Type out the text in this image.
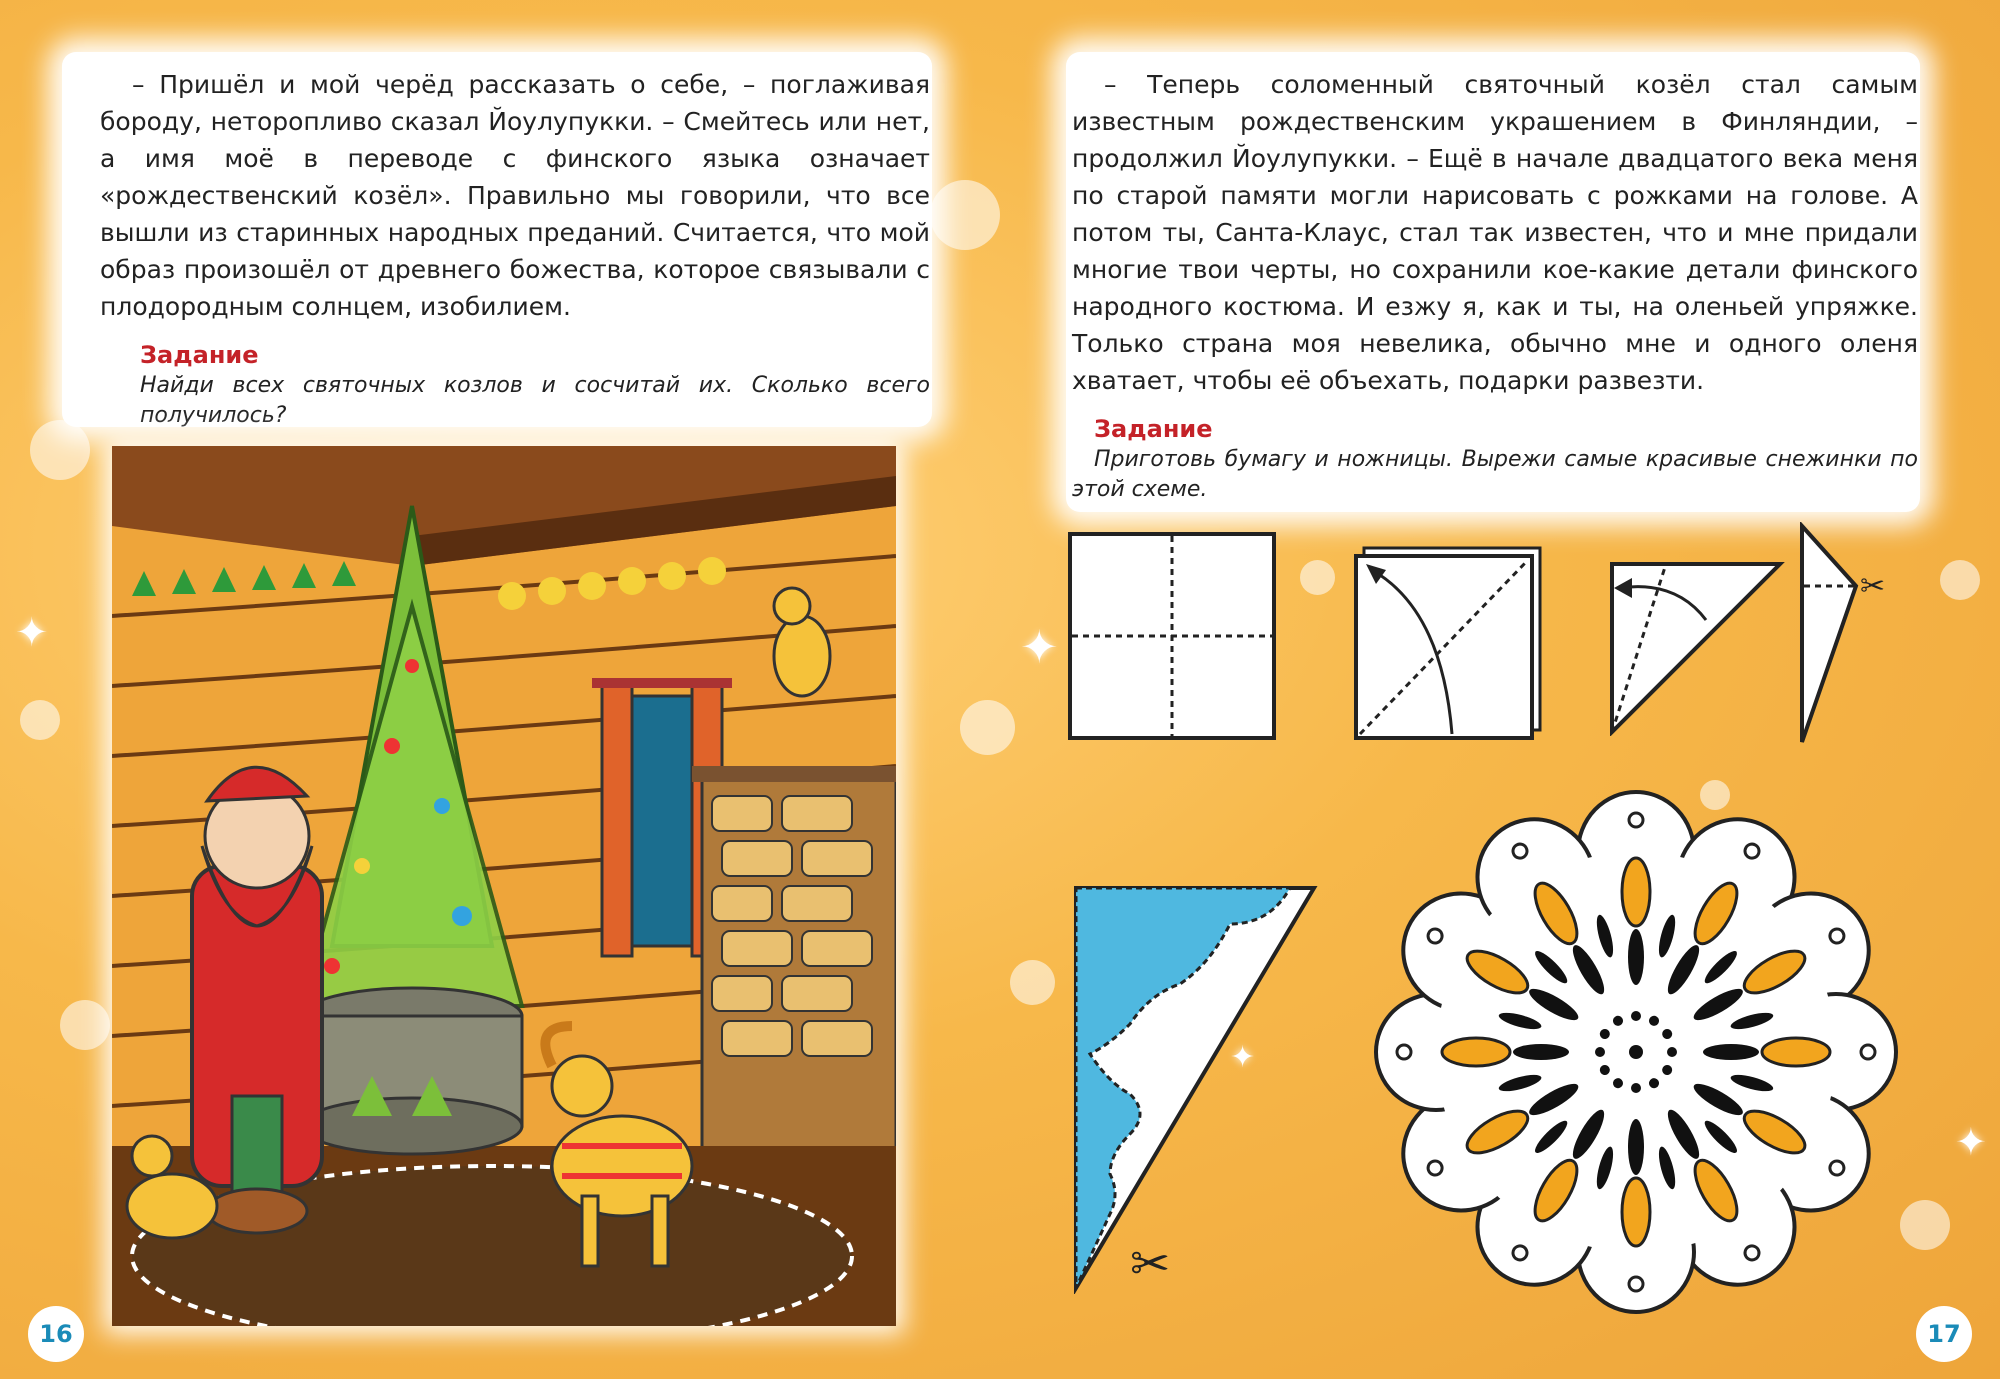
✦	✦
✦
✦

– Пришёл и мой черёд рассказать о себе, – поглаживая бороду, неторопливо сказал Йоулупукки. – Смейтесь или нет, а имя моё в переводе с финского языка означает «рождественский козёл». Правильно мы говорили, что все вышли из старинных народных преданий. Считается, что мой образ произошёл от древнего божества, которое связывали с плодородным солнцем, изобилием.

Задание

Найди всех святочных козлов и сосчитай их. Сколько всего получилось?

16

– Теперь соломенный святочный козёл стал самым известным рождественским украшением в Финляндии, – продолжил Йоулупукки. – Ещё в начале двадцатого века меня по старой памяти могли нарисовать с рожками на голове. А потом ты, Санта-Клаус, стал так известен, что и мне придали многие твои черты, но сохранили кое-какие детали финского народного костюма. И езжу я, как и ты, на оленьей упряжке. Только страна моя невелика, обычно мне и одного оленя хватает, чтобы её объехать, подарки развезти.

Задание

Приготовь бумагу и ножницы. Вырежи самые красивые снежинки по этой схеме.

✂
✂
17
